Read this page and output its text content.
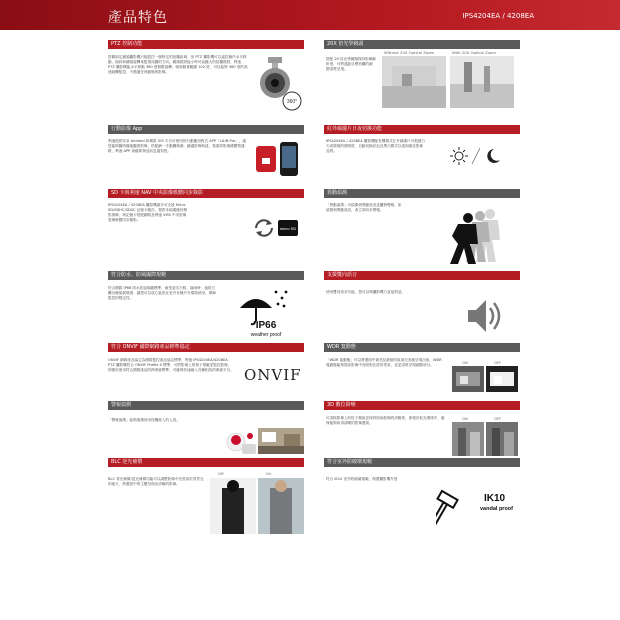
產品特色	IPS4204EA / 4208EA
PTZ 控制功能
搭載固定鏡頭攝影機只能監控一個特定的拍攝區域，但 PTZ 攝影機可以遙控操作水平移動、傾斜和鏡頭旋轉來監視周圍的方向。鏡頭視野能小時可追蹤大的拍攝視野，利速 PTZ 攝影機能水平移動 360 度無限旋轉，傾斜動著範圍 102 度，可以能特 360 度的高速旋轉監控，不錯過任何動態的影像。
360°
20X 倍光學鏡頭
搭配 20 倍光學鏡頭保持影像解析度，可將遠距目標拍攝的細節清楚呈現。
Without 20X Optical Zoom	With 20X Optical Zoom
行動影像 App
利速提供安卓 Android 和蘋果 iOS 平台可使用的行動應用程式 APP「LILIN Pro」，讓您能夠隨時隨地觀看影像，搭配網一手動攝像頭，藉適影像與遠，看看即影像總體察連路，利速 APP 會隨即發送訊息通知您。
紅外線濾片日夜切換功能
IPS4204EA / 4208EA 攝影機配有機械式紅外線濾片可根據白天或環境的照明度，自動切換彩色及黑白模式以達到最佳影像品質。
SD 卡與利速 NAV 中央影像軟體同步錄影
IPS4204EA / 4208EA 攝影機最多可支援 Micro SD/SDHC/SDXC 記憶卡儲存，提供本地端備份錄影保障，與記憶卡搭配網路及利速 VMS 中央影像管理軟體同步錄影。
micro SD
異動偵測
「異動偵測」可偵測到異動狀況並觸發警報，如偵測到異動狀況，會立即同步警報。
符合防水、防風國際規範
符合國際 IP66 防水防風規範標準，耐受惡劣天候，落雨時、風吹日曬各種氣候環境；讓您可以放心裝設在室外各種戶外環境使用，保障監控的穩定性。
IP66
weather proof
支援雙向語音
使用雙向語音功能，您可以與攝影機方直接對話。
符合 ONVIF 國際網路產品標準協定
ONVIF 網路產品協定為國際監控產品協定標準，利速 IPS4204EA/4208EA PTZ 攝影機符合 ONVIF Profile S 標準，可將影像上的格子規範並監控影像，即便於使用符合國際產品的跨系統標準，可確保快速融入各種相容的系統平台。 ONVIF
WDR 寬動態
「WDR 寬動態」可以將畫面中最亮及最暗的區域完美地呈現出來，WDR 寬動態能夠提高影像中亮暗對比度的景象，並更清楚呈現細節部分。	ON	OFF
警報偵測
「警報偵測」能夠偵測到未授權進入的人員。
3D 數位降噪
可清除影像上的粒子雜訊並保持原始影像的清晰度，即便於低光環境中，確保能夠取得清晰的影像畫面。
ON	OFF
BLC 逆光補償
BLC 背光補償/逆光補償功能可以調整影像中亮度高於背景光的地方，將畫面中的主體呈現出清晰的影像。
Off	On
符合室外防破壞規範
符合 IK10 室外防破壞規範，保護攝影機外殼
IK10
vandal proof
